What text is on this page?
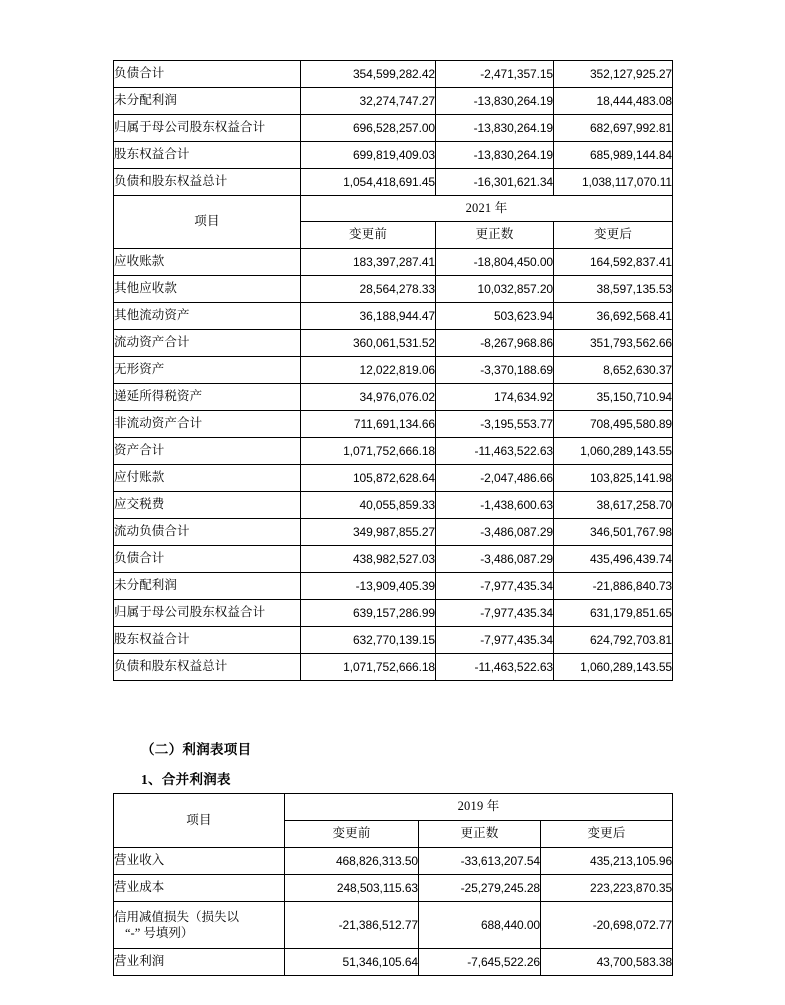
负债合计	354,599,282.42	-2,471,357.15	352,127,925.27
未分配利润	32,274,747.27	-13,830,264.19	18,444,483.08
归属于母公司股东权益合计	696,528,257.00	-13,830,264.19	682,697,992.81
股东权益合计	699,819,409.03	-13,830,264.19	685,989,144.84
负债和股东权益总计	1,054,418,691.45	-16,301,621.34	1,038,117,070.11
项目	2021 年		
	变更前	更正数	变更后
应收账款	183,397,287.41	-18,804,450.00	164,592,837.41
其他应收款	28,564,278.33	10,032,857.20	38,597,135.53
其他流动资产	36,188,944.47	503,623.94	36,692,568.41
流动资产合计	360,061,531.52	-8,267,968.86	351,793,562.66
无形资产	12,022,819.06	-3,370,188.69	8,652,630.37
递延所得税资产	34,976,076.02	174,634.92	35,150,710.94
非流动资产合计	711,691,134.66	-3,195,553.77	708,495,580.89
资产合计	1,071,752,666.18	-11,463,522.63	1,060,289,143.55
应付账款	105,872,628.64	-2,047,486.66	103,825,141.98
应交税费	40,055,859.33	-1,438,600.63	38,617,258.70
流动负债合计	349,987,855.27	-3,486,087.29	346,501,767.98
负债合计	438,982,527.03	-3,486,087.29	435,496,439.74
未分配利润	-13,909,405.39	-7,977,435.34	-21,886,840.73
归属于母公司股东权益合计	639,157,286.99	-7,977,435.34	631,179,851.65
股东权益合计	632,770,139.15	-7,977,435.34	624,792,703.81
负债和股东权益总计	1,071,752,666.18	-11,463,522.63	1,060,289,143.55
（二）利润表项目
1、合并利润表
项目	2019 年		
	变更前	更正数	变更后
营业收入	468,826,313.50	-33,613,207.54	435,213,105.96
营业成本	248,503,115.63	-25,279,245.28	223,223,870.35
信用减值损失（损失以
“-” 号填列）	-21,386,512.77	688,440.00	-20,698,072.77
营业利润	51,346,105.64	-7,645,522.26	43,700,583.38
